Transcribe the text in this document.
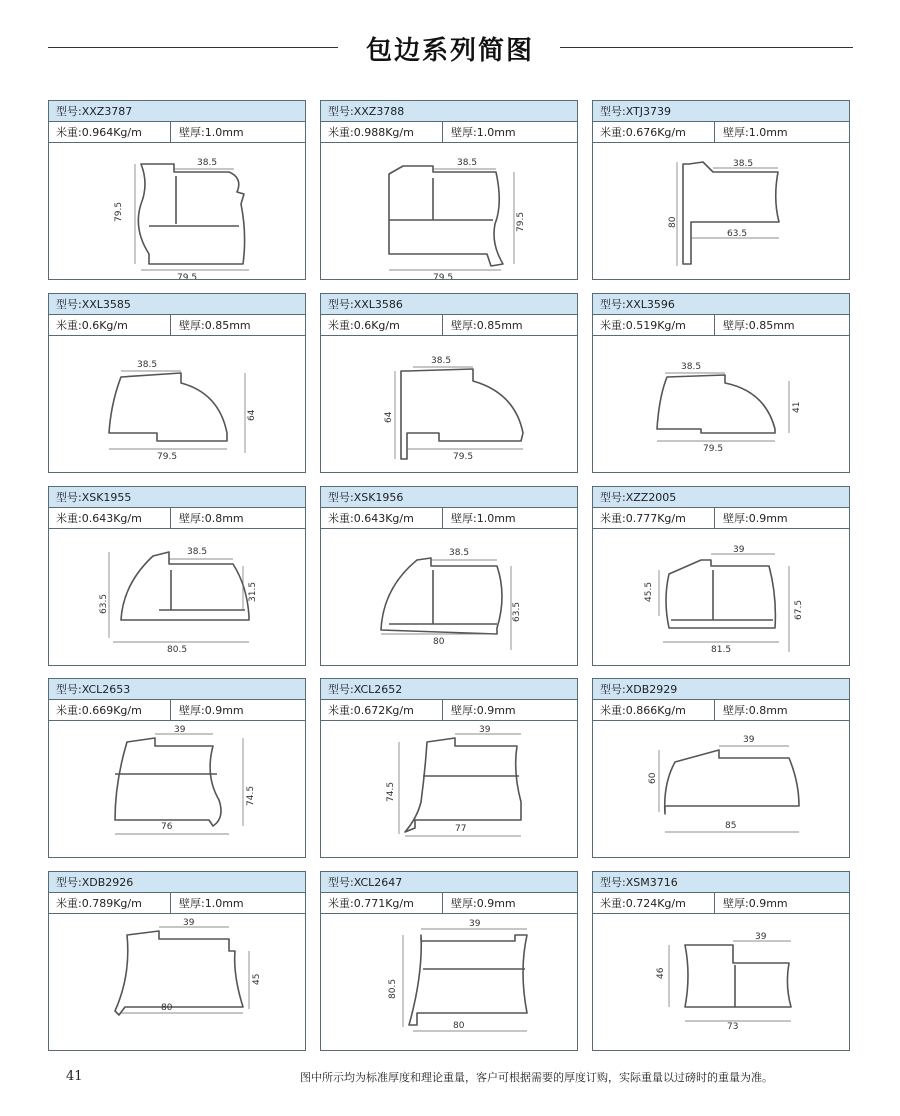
包边系列简图
型号:XXZ3787
米重:0.964Kg/m	壁厚:1.0mm
38.5
79.5
79.5
型号:XXZ3788
米重:0.988Kg/m	壁厚:1.0mm
38.5
79.5
79.5
型号:XTJ3739
米重:0.676Kg/m	壁厚:1.0mm
38.5
80
63.5
型号:XXL3585
米重:0.6Kg/m	壁厚:0.85mm
38.5
64
79.5
型号:XXL3586
米重:0.6Kg/m	壁厚:0.85mm
38.5
64
79.5
型号:XXL3596
米重:0.519Kg/m	壁厚:0.85mm
38.5
41
79.5
型号:XSK1955
米重:0.643Kg/m	壁厚:0.8mm
38.5
63.5
80.5
31.5
型号:XSK1956
米重:0.643Kg/m	壁厚:1.0mm
38.5
63.5
80
型号:XZZ2005
米重:0.777Kg/m	壁厚:0.9mm
39
45.5
81.5
67.5
型号:XCL2653
米重:0.669Kg/m	壁厚:0.9mm
39
74.5
76
型号:XCL2652
米重:0.672Kg/m	壁厚:0.9mm
39
74.5
77
型号:XDB2929
米重:0.866Kg/m	壁厚:0.8mm
39
60
85
型号:XDB2926
米重:0.789Kg/m	壁厚:1.0mm
39
45
80
型号:XCL2647
米重:0.771Kg/m	壁厚:0.9mm
39
80.5
80
型号:XSM3716
米重:0.724Kg/m	壁厚:0.9mm
39
46
73
41	图中所示均为标准厚度和理论重量，客户可根据需要的厚度订购，实际重量以过磅时的重量为准。
